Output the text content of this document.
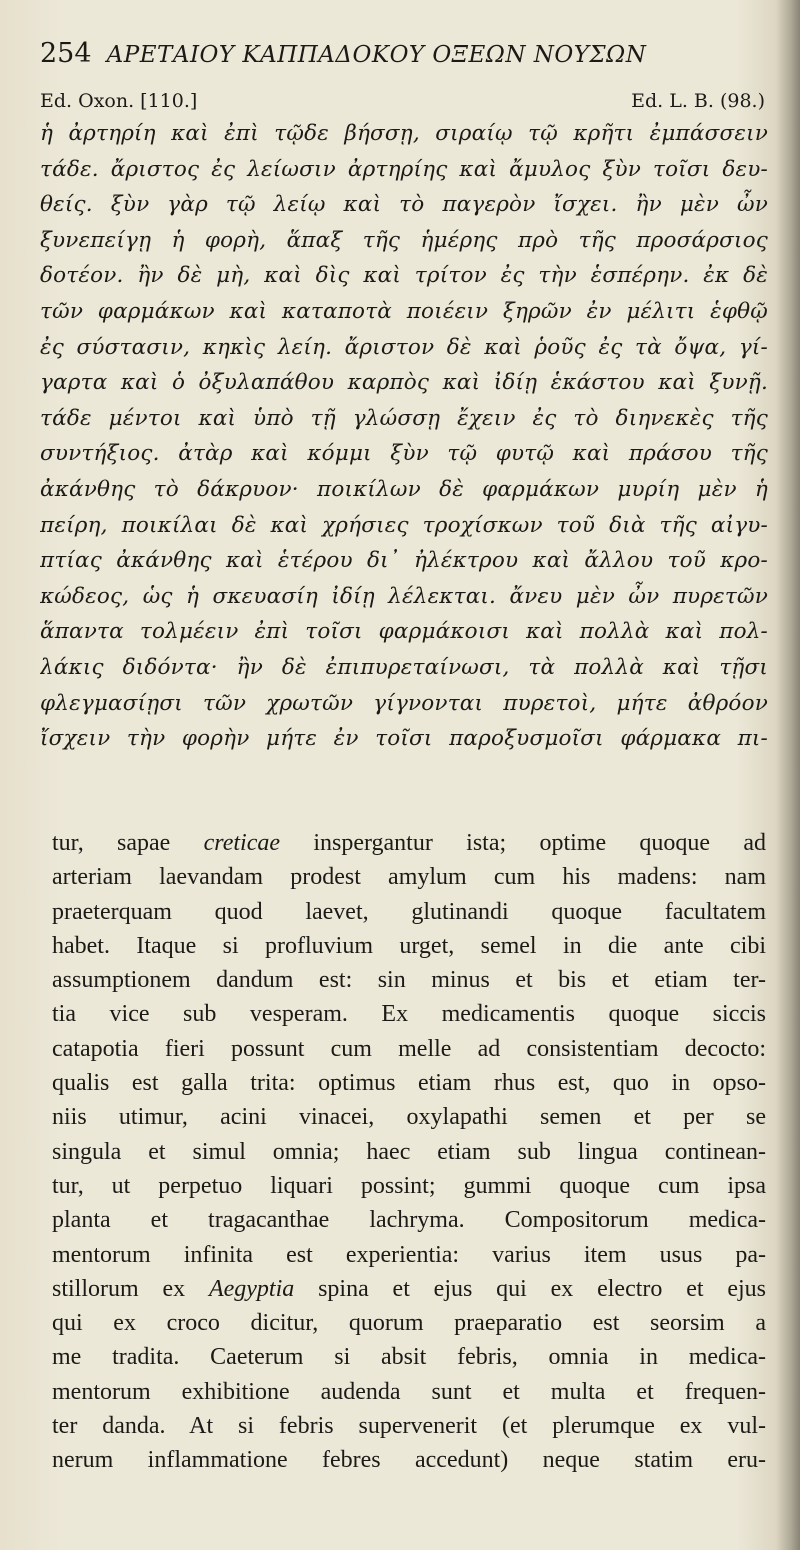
254 ΑΡΕΤΑΙΟΥ ΚΑΠΠΑΔΟΚΟΥ ΟΞΕΩΝ ΝΟΥΣΩΝ
Ed. Oxon. [110.]	Ed. L. B. (98.)
ἡ ἀρτηρίη καὶ ἐπὶ τῷδε βήσσῃ, σιραίῳ τῷ κρῆτι ἐμπάσσειν
τάδε. ἄριστος ἐς λείωσιν ἀρτηρίης καὶ ἄμυλος ξὺν τοῖσι δευ-
θείς. ξὺν γὰρ τῷ λείῳ καὶ τὸ παγερὸν ἴσχει. ἢν μὲν ὦν
ξυνεπείγῃ ἡ φορὴ, ἅπαξ τῆς ἡμέρης πρὸ τῆς προσάρσιος
δοτέον. ἢν δὲ μὴ, καὶ δὶς καὶ τρίτον ἐς τὴν ἑσπέρην. ἐκ δὲ
τῶν φαρμάκων καὶ καταποτὰ ποιέειν ξηρῶν ἐν μέλιτι ἑφθῷ
ἐς σύστασιν, κηκὶς λείη. ἄριστον δὲ καὶ ῥοῦς ἐς τὰ ὄψα, γί-
γαρτα καὶ ὁ ὀξυλαπάθου καρπὸς καὶ ἰδίῃ ἑκάστου καὶ ξυνῇ.
τάδε μέντοι καὶ ὑπὸ τῇ γλώσσῃ ἔχειν ἐς τὸ διηνεκὲς τῆς
συντήξιος. ἀτὰρ καὶ κόμμι ξὺν τῷ φυτῷ καὶ πράσου τῆς
ἀκάνθης τὸ δάκρυον· ποικίλων δὲ φαρμάκων μυρίη μὲν ἡ
πείρη, ποικίλαι δὲ καὶ χρήσιες τροχίσκων τοῦ διὰ τῆς αἰγυ-
πτίας ἀκάνθης καὶ ἑτέρου δι᾽ ἠλέκτρου καὶ ἄλλου τοῦ κρο-
κώδεος, ὡς ἡ σκευασίη ἰδίῃ λέλεκται. ἄνευ μὲν ὦν πυρετῶν
ἅπαντα τολμέειν ἐπὶ τοῖσι φαρμάκοισι καὶ πολλὰ καὶ πολ-
λάκις διδόντα· ἢν δὲ ἐπιπυρεταίνωσι, τὰ πολλὰ καὶ τῇσι
φλεγμασίῃσι τῶν χρωτῶν γίγνονται πυρετοὶ, μήτε ἀθρόον
ἴσχειν τὴν φορὴν μήτε ἐν τοῖσι παροξυσμοῖσι φάρμακα πι-
tur, sapae creticae inspergantur ista; optime quoque ad
arteriam laevandam prodest amylum cum his madens: nam
praeterquam quod laevet, glutinandi quoque facultatem
habet. Itaque si profluvium urget, semel in die ante cibi
assumptionem dandum est: sin minus et bis et etiam ter-
tia vice sub vesperam. Ex medicamentis quoque siccis
catapotia fieri possunt cum melle ad consistentiam decocto:
qualis est galla trita: optimus etiam rhus est, quo in opso-
niis utimur, acini vinacei, oxylapathi semen et per se
singula et simul omnia; haec etiam sub lingua continean-
tur, ut perpetuo liquari possint; gummi quoque cum ipsa
planta et tragacanthae lachryma. Compositorum medica-
mentorum infinita est experientia: varius item usus pa-
stillorum ex Aegyptia spina et ejus qui ex electro et ejus
qui ex croco dicitur, quorum praeparatio est seorsim a
me tradita. Caeterum si absit febris, omnia in medica-
mentorum exhibitione audenda sunt et multa et frequen-
ter danda. At si febris supervenerit (et plerumque ex vul-
nerum inflammatione febres accedunt) neque statim eru-
